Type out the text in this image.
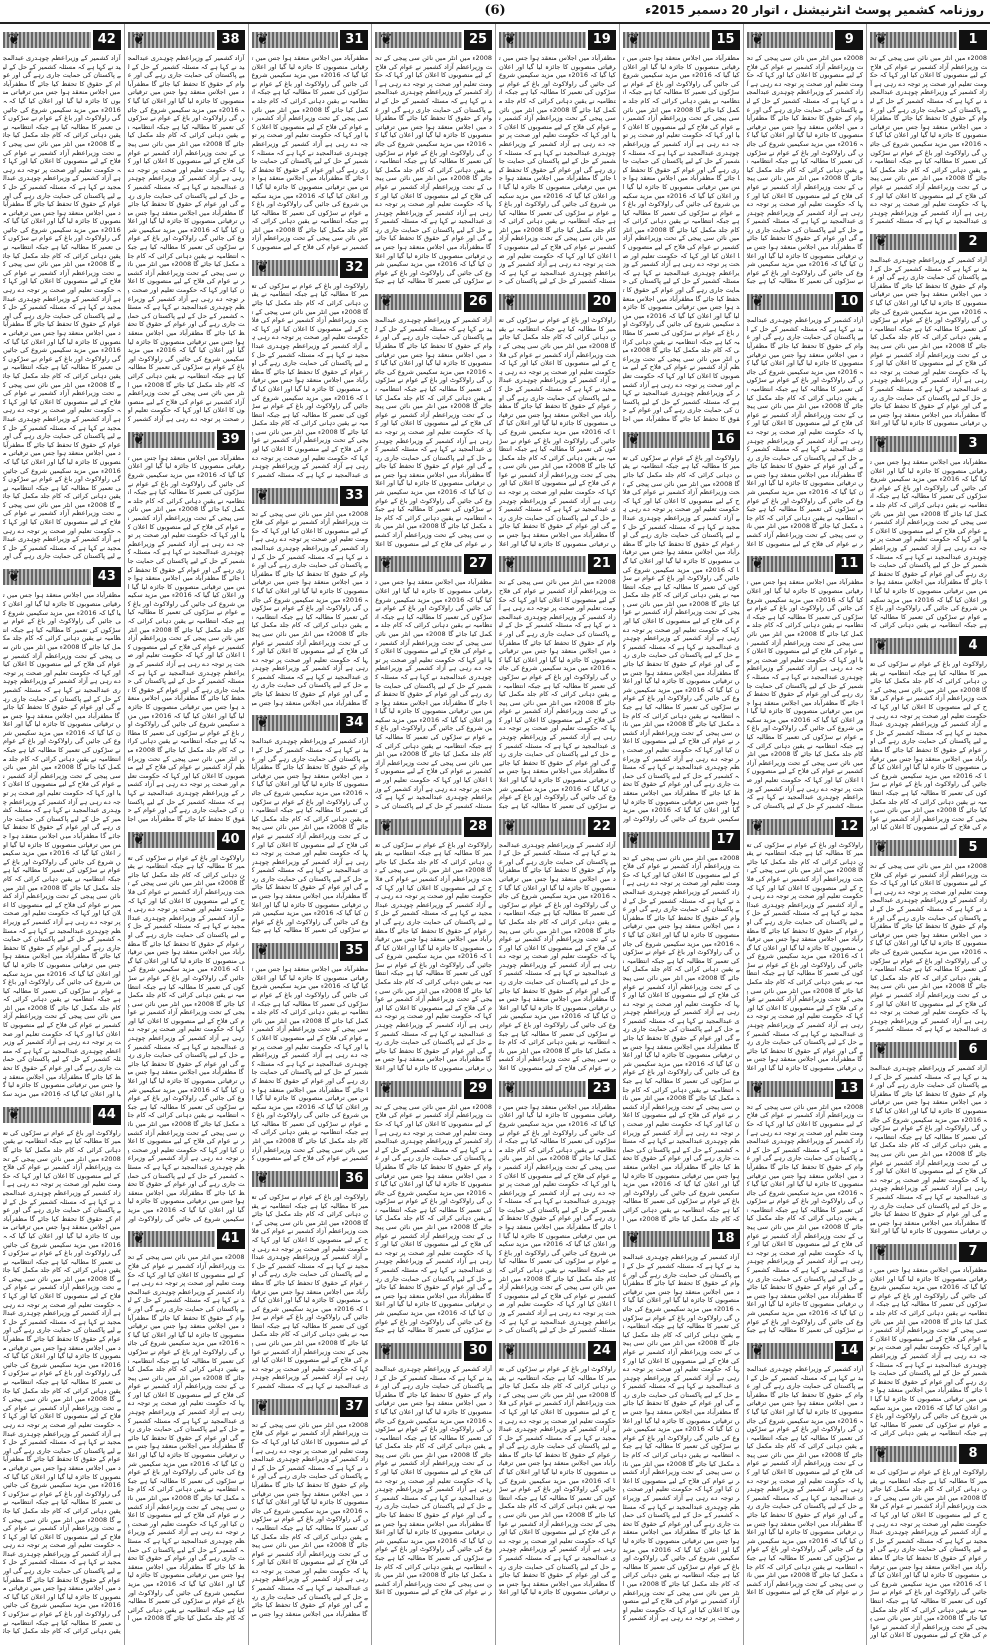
(6)	روزنامہ کشمیر پوسٹ انٹرنیشنل ، اتوار 20 دسمبر 2015ء
1
❦
2008ء میں انٹر میں نائن سی پیجی کے تحت وزیراعظم آزاد کشمیر نے عوام کی فلاح کے لیے منصوبوں کا اعلان کیا اور کہا کہ حکومت تعلیم اور صحت پر توجہ دے رہی ہے آزاد کشمیر کے وزیراعظم چوہدری عبدالمجید نے کہا ہے کہ مسئلہ کشمیر کے حل کے لیے پاکستان کی حمایت جاری رہے گی اور عوام کے حقوق کا تحفظ کیا جائے گا مظفرآباد میں اجلاس منعقد ہوا جس میں ترقیاتی منصوبوں کا جائزہ لیا گیا اور اعلان کیا گیا کہ 2016ء میں مزید سکیمیں شروع کی جائیں گی راولاکوٹ اور باغ کے عوام نے سڑکوں کی تعمیر کا مطالبہ کیا ہے جبکہ انتظامیہ نے یقین دہانی کرائی کہ کام جلد مکمل کیا جائے گا 2008ء میں انٹر میں نائن سی پیجی کے تحت وزیراعظم آزاد کشمیر نے عوام کی فلاح کے لیے منصوبوں کا اعلان کیا اور کہا کہ حکومت تعلیم اور صحت پر توجہ دے رہی ہے آزاد کشمیر کے وزیراعظم چوہدری عبدالمجید نے کہا ہے کہ مسئلہ کشمیر ک
2
❦
آزاد کشمیر کے وزیراعظم چوہدری عبدالمجید نے کہا ہے کہ مسئلہ کشمیر کے حل کے لیے پاکستان کی حمایت جاری رہے گی اور عوام کے حقوق کا تحفظ کیا جائے گا مظفرآباد میں اجلاس منعقد ہوا جس میں ترقیاتی منصوبوں کا جائزہ لیا گیا اور اعلان کیا گیا کہ 2016ء میں مزید سکیمیں شروع کی جائیں گی راولاکوٹ اور باغ کے عوام نے سڑکوں کی تعمیر کا مطالبہ کیا ہے جبکہ انتظامیہ نے یقین دہانی کرائی کہ کام جلد مکمل کیا جائے گا 2008ء میں انٹر میں نائن سی پیجی کے تحت وزیراعظم آزاد کشمیر نے عوام کی فلاح کے لیے منصوبوں کا اعلان کیا اور کہا کہ حکومت تعلیم اور صحت پر توجہ دے رہی ہے آزاد کشمیر کے وزیراعظم چوہدری عبدالمجید نے کہا ہے کہ مسئلہ کشمیر کے حل کے لیے پاکستان کی حمایت جاری رہے گی اور عوام کے حقوق کا تحفظ کیا جائے گا مظفرآباد میں اجلاس منعقد ہوا جس میں ترقیاتی منصوبوں کا جائزہ لیا گیا اور اعلا
3
❦
مظفرآباد میں اجلاس منعقد ہوا جس میں ترقیاتی منصوبوں کا جائزہ لیا گیا اور اعلان کیا گیا کہ 2016ء میں مزید سکیمیں شروع کی جائیں گی راولاکوٹ اور باغ کے عوام نے سڑکوں کی تعمیر کا مطالبہ کیا ہے جبکہ انتظامیہ نے یقین دہانی کرائی کہ کام جلد مکمل کیا جائے گا 2008ء میں انٹر میں نائن سی پیجی کے تحت وزیراعظم آزاد کشمیر نے عوام کی فلاح کے لیے منصوبوں کا اعلان کیا اور کہا کہ حکومت تعلیم اور صحت پر توجہ دے رہی ہے آزاد کشمیر کے وزیراعظم چوہدری عبدالمجید نے کہا ہے کہ مسئلہ کشمیر کے حل کے لیے پاکستان کی حمایت جاری رہے گی اور عوام کے حقوق کا تحفظ کیا جائے گا مظفرآباد میں اجلاس منعقد ہوا جس میں ترقیاتی منصوبوں کا جائزہ لیا گیا اور اعلان کیا گیا کہ 2016ء میں مزید سکیمیں شروع کی جائیں گی راولاکوٹ اور باغ کے عوام نے سڑکوں کی تعمیر کا مطالبہ کیا ہے جبکہ انتظامیہ نے یقین دہانی کرائی کہ
4
❦
راولاکوٹ اور باغ کے عوام نے سڑکوں کی تعمیر کا مطالبہ کیا ہے جبکہ انتظامیہ نے یقین دہانی کرائی کہ کام جلد مکمل کیا جائے گا 2008ء میں انٹر میں نائن سی پیجی کے تحت وزیراعظم آزاد کشمیر نے عوام کی فلاح کے لیے منصوبوں کا اعلان کیا اور کہا کہ حکومت تعلیم اور صحت پر توجہ دے رہی ہے آزاد کشمیر کے وزیراعظم چوہدری عبدالمجید نے کہا ہے کہ مسئلہ کشمیر کے حل کے لیے پاکستان کی حمایت جاری رہے گی اور عوام کے حقوق کا تحفظ کیا جائے گا مظفرآباد میں اجلاس منعقد ہوا جس میں ترقیاتی منصوبوں کا جائزہ لیا گیا اور اعلان کیا گیا کہ 2016ء میں مزید سکیمیں شروع کی جائیں گی راولاکوٹ اور باغ کے عوام نے سڑکوں کی تعمیر کا مطالبہ کیا ہے جبکہ انتظامیہ نے یقین دہانی کرائی کہ کام جلد مکمل کیا جائے گا 2008ء میں انٹر میں نائن سی پیجی کے تحت وزیراعظم آزاد کشمیر نے عوام کی فلاح کے لیے منصوبوں کا اعلان کیا اور
5
❦
2008ء میں انٹر میں نائن سی پیجی کے تحت وزیراعظم آزاد کشمیر نے عوام کی فلاح کے لیے منصوبوں کا اعلان کیا اور کہا کہ حکومت تعلیم اور صحت پر توجہ دے رہی ہے آزاد کشمیر کے وزیراعظم چوہدری عبدالمجید نے کہا ہے کہ مسئلہ کشمیر کے حل کے لیے پاکستان کی حمایت جاری رہے گی اور عوام کے حقوق کا تحفظ کیا جائے گا مظفرآباد میں اجلاس منعقد ہوا جس میں ترقیاتی منصوبوں کا جائزہ لیا گیا اور اعلان کیا گیا کہ 2016ء میں مزید سکیمیں شروع کی جائیں گی راولاکوٹ اور باغ کے عوام نے سڑکوں کی تعمیر کا مطالبہ کیا ہے جبکہ انتظامیہ نے یقین دہانی کرائی کہ کام جلد مکمل کیا جائے گا 2008ء میں انٹر میں نائن سی پیجی کے تحت وزیراعظم آزاد کشمیر نے عوام کی فلاح کے لیے منصوبوں کا اعلان کیا اور کہا کہ حکومت تعلیم اور صحت پر توجہ دے رہی ہے آزاد کشمیر کے وزیراعظم چوہدری عبدالمجید نے کہا ہے کہ مسئلہ کشمیر ک
6
❦
آزاد کشمیر کے وزیراعظم چوہدری عبدالمجید نے کہا ہے کہ مسئلہ کشمیر کے حل کے لیے پاکستان کی حمایت جاری رہے گی اور عوام کے حقوق کا تحفظ کیا جائے گا مظفرآباد میں اجلاس منعقد ہوا جس میں ترقیاتی منصوبوں کا جائزہ لیا گیا اور اعلان کیا گیا کہ 2016ء میں مزید سکیمیں شروع کی جائیں گی راولاکوٹ اور باغ کے عوام نے سڑکوں کی تعمیر کا مطالبہ کیا ہے جبکہ انتظامیہ نے یقین دہانی کرائی کہ کام جلد مکمل کیا جائے گا 2008ء میں انٹر میں نائن سی پیجی کے تحت وزیراعظم آزاد کشمیر نے عوام کی فلاح کے لیے منصوبوں کا اعلان کیا اور کہا کہ حکومت تعلیم اور صحت پر توجہ دے رہی ہے آزاد کشمیر کے وزیراعظم چوہدری عبدالمجید نے کہا ہے کہ مسئلہ کشمیر کے حل کے لیے پاکستان کی حمایت جاری رہے گی اور عوام کے حقوق کا تحفظ کیا جائے گا مظفرآباد میں اجلاس منعقد ہوا جس میں ترقیاتی منصوبوں کا جائزہ لیا گیا اور اعلا
7
❦
مظفرآباد میں اجلاس منعقد ہوا جس میں ترقیاتی منصوبوں کا جائزہ لیا گیا اور اعلان کیا گیا کہ 2016ء میں مزید سکیمیں شروع کی جائیں گی راولاکوٹ اور باغ کے عوام نے سڑکوں کی تعمیر کا مطالبہ کیا ہے جبکہ انتظامیہ نے یقین دہانی کرائی کہ کام جلد مکمل کیا جائے گا 2008ء میں انٹر میں نائن سی پیجی کے تحت وزیراعظم آزاد کشمیر نے عوام کی فلاح کے لیے منصوبوں کا اعلان کیا اور کہا کہ حکومت تعلیم اور صحت پر توجہ دے رہی ہے آزاد کشمیر کے وزیراعظم چوہدری عبدالمجید نے کہا ہے کہ مسئلہ کشمیر کے حل کے لیے پاکستان کی حمایت جاری رہے گی اور عوام کے حقوق کا تحفظ کیا جائے گا مظفرآباد میں اجلاس منعقد ہوا جس میں ترقیاتی منصوبوں کا جائزہ لیا گیا اور اعلان کیا گیا کہ 2016ء میں مزید سکیمیں شروع کی جائیں گی راولاکوٹ اور باغ کے عوام نے سڑکوں کی تعمیر کا مطالبہ کیا ہے جبکہ انتظامیہ نے یقین دہانی کرائی کہ
8
❦
راولاکوٹ اور باغ کے عوام نے سڑکوں کی تعمیر کا مطالبہ کیا ہے جبکہ انتظامیہ نے یقین دہانی کرائی کہ کام جلد مکمل کیا جائے گا 2008ء میں انٹر میں نائن سی پیجی کے تحت وزیراعظم آزاد کشمیر نے عوام کی فلاح کے لیے منصوبوں کا اعلان کیا اور کہا کہ حکومت تعلیم اور صحت پر توجہ دے رہی ہے آزاد کشمیر کے وزیراعظم چوہدری عبدالمجید نے کہا ہے کہ مسئلہ کشمیر کے حل کے لیے پاکستان کی حمایت جاری رہے گی اور عوام کے حقوق کا تحفظ کیا جائے گا مظفرآباد میں اجلاس منعقد ہوا جس میں ترقیاتی منصوبوں کا جائزہ لیا گیا اور اعلان کیا گیا کہ 2016ء میں مزید سکیمیں شروع کی جائیں گی راولاکوٹ اور باغ کے عوام نے سڑکوں کی تعمیر کا مطالبہ کیا ہے جبکہ انتظامیہ نے یقین دہانی کرائی کہ کام جلد مکمل کیا جائے گا 2008ء میں انٹر میں نائن سی پیجی کے تحت وزیراعظم آزاد کشمیر نے عوام کی فلاح کے لیے منصوبوں کا اعلان کیا اور
9
❦
2008ء میں انٹر میں نائن سی پیجی کے تحت وزیراعظم آزاد کشمیر نے عوام کی فلاح کے لیے منصوبوں کا اعلان کیا اور کہا کہ حکومت تعلیم اور صحت پر توجہ دے رہی ہے آزاد کشمیر کے وزیراعظم چوہدری عبدالمجید نے کہا ہے کہ مسئلہ کشمیر کے حل کے لیے پاکستان کی حمایت جاری رہے گی اور عوام کے حقوق کا تحفظ کیا جائے گا مظفرآباد میں اجلاس منعقد ہوا جس میں ترقیاتی منصوبوں کا جائزہ لیا گیا اور اعلان کیا گیا کہ 2016ء میں مزید سکیمیں شروع کی جائیں گی راولاکوٹ اور باغ کے عوام نے سڑکوں کی تعمیر کا مطالبہ کیا ہے جبکہ انتظامیہ نے یقین دہانی کرائی کہ کام جلد مکمل کیا جائے گا 2008ء میں انٹر میں نائن سی پیجی کے تحت وزیراعظم آزاد کشمیر نے عوام کی فلاح کے لیے منصوبوں کا اعلان کیا اور کہا کہ حکومت تعلیم اور صحت پر توجہ دے رہی ہے آزاد کشمیر کے وزیراعظم چوہدری عبدالمجید نے کہا ہے کہ مسئلہ کشمیر کے حل کے لیے پاکستان کی حمایت جاری رہے گی اور عوام کے حقوق کا تحفظ کیا جائے گا مظفرآباد میں اجلاس منعقد ہوا جس میں ترقیاتی منصوبوں کا جائزہ لیا گیا اور اعلان کیا گیا کہ 2016ء میں مزید سکیمیں شروع کی جائیں گی راولاکوٹ اور باغ کے عوام نے سڑکوں کی تعمیر کا مطالبہ کیا ہے جبک
10
❦
آزاد کشمیر کے وزیراعظم چوہدری عبدالمجید نے کہا ہے کہ مسئلہ کشمیر کے حل کے لیے پاکستان کی حمایت جاری رہے گی اور عوام کے حقوق کا تحفظ کیا جائے گا مظفرآباد میں اجلاس منعقد ہوا جس میں ترقیاتی منصوبوں کا جائزہ لیا گیا اور اعلان کیا گیا کہ 2016ء میں مزید سکیمیں شروع کی جائیں گی راولاکوٹ اور باغ کے عوام نے سڑکوں کی تعمیر کا مطالبہ کیا ہے جبکہ انتظامیہ نے یقین دہانی کرائی کہ کام جلد مکمل کیا جائے گا 2008ء میں انٹر میں نائن سی پیجی کے تحت وزیراعظم آزاد کشمیر نے عوام کی فلاح کے لیے منصوبوں کا اعلان کیا اور کہا کہ حکومت تعلیم اور صحت پر توجہ دے رہی ہے آزاد کشمیر کے وزیراعظم چوہدری عبدالمجید نے کہا ہے کہ مسئلہ کشمیر کے حل کے لیے پاکستان کی حمایت جاری رہے گی اور عوام کے حقوق کا تحفظ کیا جائے گا مظفرآباد میں اجلاس منعقد ہوا جس میں ترقیاتی منصوبوں کا جائزہ لیا گیا اور اعلان کیا گیا کہ 2016ء میں مزید سکیمیں شروع کی جائیں گی راولاکوٹ اور باغ کے عوام نے سڑکوں کی تعمیر کا مطالبہ کیا ہے جبکہ انتظامیہ نے یقین دہانی کرائی کہ کام جلد مکمل کیا جائے گا 2008ء میں انٹر میں نائن سی پیجی کے تحت وزیراعظم آزاد کشمیر نے عوام کی فلاح کے لیے منصوبوں کا اعلا
11
❦
مظفرآباد میں اجلاس منعقد ہوا جس میں ترقیاتی منصوبوں کا جائزہ لیا گیا اور اعلان کیا گیا کہ 2016ء میں مزید سکیمیں شروع کی جائیں گی راولاکوٹ اور باغ کے عوام نے سڑکوں کی تعمیر کا مطالبہ کیا ہے جبکہ انتظامیہ نے یقین دہانی کرائی کہ کام جلد مکمل کیا جائے گا 2008ء میں انٹر میں نائن سی پیجی کے تحت وزیراعظم آزاد کشمیر نے عوام کی فلاح کے لیے منصوبوں کا اعلان کیا اور کہا کہ حکومت تعلیم اور صحت پر توجہ دے رہی ہے آزاد کشمیر کے وزیراعظم چوہدری عبدالمجید نے کہا ہے کہ مسئلہ کشمیر کے حل کے لیے پاکستان کی حمایت جاری رہے گی اور عوام کے حقوق کا تحفظ کیا جائے گا مظفرآباد میں اجلاس منعقد ہوا جس میں ترقیاتی منصوبوں کا جائزہ لیا گیا اور اعلان کیا گیا کہ 2016ء میں مزید سکیمیں شروع کی جائیں گی راولاکوٹ اور باغ کے عوام نے سڑکوں کی تعمیر کا مطالبہ کیا ہے جبکہ انتظامیہ نے یقین دہانی کرائی کہ کام جلد مکمل کیا جائے گا 2008ء میں انٹر میں نائن سی پیجی کے تحت وزیراعظم آزاد کشمیر نے عوام کی فلاح کے لیے منصوبوں کا اعلان کیا اور کہا کہ حکومت تعلیم اور صحت پر توجہ دے رہی ہے آزاد کشمیر کے وزیراعظم چوہدری عبدالمجید نے کہا ہے کہ مسئلہ کشمیر کے حل کے لیے پاکستان کی ح
12
❦
راولاکوٹ اور باغ کے عوام نے سڑکوں کی تعمیر کا مطالبہ کیا ہے جبکہ انتظامیہ نے یقین دہانی کرائی کہ کام جلد مکمل کیا جائے گا 2008ء میں انٹر میں نائن سی پیجی کے تحت وزیراعظم آزاد کشمیر نے عوام کی فلاح کے لیے منصوبوں کا اعلان کیا اور کہا کہ حکومت تعلیم اور صحت پر توجہ دے رہی ہے آزاد کشمیر کے وزیراعظم چوہدری عبدالمجید نے کہا ہے کہ مسئلہ کشمیر کے حل کے لیے پاکستان کی حمایت جاری رہے گی اور عوام کے حقوق کا تحفظ کیا جائے گا مظفرآباد میں اجلاس منعقد ہوا جس میں ترقیاتی منصوبوں کا جائزہ لیا گیا اور اعلان کیا گیا کہ 2016ء میں مزید سکیمیں شروع کی جائیں گی راولاکوٹ اور باغ کے عوام نے سڑکوں کی تعمیر کا مطالبہ کیا ہے جبکہ انتظامیہ نے یقین دہانی کرائی کہ کام جلد مکمل کیا جائے گا 2008ء میں انٹر میں نائن سی پیجی کے تحت وزیراعظم آزاد کشمیر نے عوام کی فلاح کے لیے منصوبوں کا اعلان کیا اور کہا کہ حکومت تعلیم اور صحت پر توجہ دے رہی ہے آزاد کشمیر کے وزیراعظم چوہدری عبدالمجید نے کہا ہے کہ مسئلہ کشمیر کے حل کے لیے پاکستان کی حمایت جاری رہے گی اور عوام کے حقوق کا تحفظ کیا جائے گا مظفرآباد میں اجلاس منعقد ہوا جس میں ترقیاتی منصوبوں کا جائزہ لیا گیا اور اعلا
13
❦
2008ء میں انٹر میں نائن سی پیجی کے تحت وزیراعظم آزاد کشمیر نے عوام کی فلاح کے لیے منصوبوں کا اعلان کیا اور کہا کہ حکومت تعلیم اور صحت پر توجہ دے رہی ہے آزاد کشمیر کے وزیراعظم چوہدری عبدالمجید نے کہا ہے کہ مسئلہ کشمیر کے حل کے لیے پاکستان کی حمایت جاری رہے گی اور عوام کے حقوق کا تحفظ کیا جائے گا مظفرآباد میں اجلاس منعقد ہوا جس میں ترقیاتی منصوبوں کا جائزہ لیا گیا اور اعلان کیا گیا کہ 2016ء میں مزید سکیمیں شروع کی جائیں گی راولاکوٹ اور باغ کے عوام نے سڑکوں کی تعمیر کا مطالبہ کیا ہے جبکہ انتظامیہ نے یقین دہانی کرائی کہ کام جلد مکمل کیا جائے گا 2008ء میں انٹر میں نائن سی پیجی کے تحت وزیراعظم آزاد کشمیر نے عوام کی فلاح کے لیے منصوبوں کا اعلان کیا اور کہا کہ حکومت تعلیم اور صحت پر توجہ دے رہی ہے آزاد کشمیر کے وزیراعظم چوہدری عبدالمجید نے کہا ہے کہ مسئلہ کشمیر کے حل کے لیے پاکستان کی حمایت جاری رہے گی اور عوام کے حقوق کا تحفظ کیا جائے گا مظفرآباد میں اجلاس منعقد ہوا جس میں ترقیاتی منصوبوں کا جائزہ لیا گیا اور اعلان کیا گیا کہ 2016ء میں مزید سکیمیں شروع کی جائیں گی راولاکوٹ اور باغ کے عوام نے سڑکوں کی تعمیر کا مطالبہ کیا ہے جبک
14
❦
آزاد کشمیر کے وزیراعظم چوہدری عبدالمجید نے کہا ہے کہ مسئلہ کشمیر کے حل کے لیے پاکستان کی حمایت جاری رہے گی اور عوام کے حقوق کا تحفظ کیا جائے گا مظفرآباد میں اجلاس منعقد ہوا جس میں ترقیاتی منصوبوں کا جائزہ لیا گیا اور اعلان کیا گیا کہ 2016ء میں مزید سکیمیں شروع کی جائیں گی راولاکوٹ اور باغ کے عوام نے سڑکوں کی تعمیر کا مطالبہ کیا ہے جبکہ انتظامیہ نے یقین دہانی کرائی کہ کام جلد مکمل کیا جائے گا 2008ء میں انٹر میں نائن سی پیجی کے تحت وزیراعظم آزاد کشمیر نے عوام کی فلاح کے لیے منصوبوں کا اعلان کیا اور کہا کہ حکومت تعلیم اور صحت پر توجہ دے رہی ہے آزاد کشمیر کے وزیراعظم چوہدری عبدالمجید نے کہا ہے کہ مسئلہ کشمیر کے حل کے لیے پاکستان کی حمایت جاری رہے گی اور عوام کے حقوق کا تحفظ کیا جائے گا مظفرآباد میں اجلاس منعقد ہوا جس میں ترقیاتی منصوبوں کا جائزہ لیا گیا اور اعلان کیا گیا کہ 2016ء میں مزید سکیمیں شروع کی جائیں گی راولاکوٹ اور باغ کے عوام نے سڑکوں کی تعمیر کا مطالبہ کیا ہے جبکہ انتظامیہ نے یقین دہانی کرائی کہ کام جلد مکمل کیا جائے گا 2008ء میں انٹر میں نائن سی پیجی کے تحت وزیراعظم آزاد کشمیر نے عوام کی فلاح کے لیے منصوبوں کا اعلا
15
❦
مظفرآباد میں اجلاس منعقد ہوا جس میں ترقیاتی منصوبوں کا جائزہ لیا گیا اور اعلان کیا گیا کہ 2016ء میں مزید سکیمیں شروع کی جائیں گی راولاکوٹ اور باغ کے عوام نے سڑکوں کی تعمیر کا مطالبہ کیا ہے جبکہ انتظامیہ نے یقین دہانی کرائی کہ کام جلد مکمل کیا جائے گا 2008ء میں انٹر میں نائن سی پیجی کے تحت وزیراعظم آزاد کشمیر نے عوام کی فلاح کے لیے منصوبوں کا اعلان کیا اور کہا کہ حکومت تعلیم اور صحت پر توجہ دے رہی ہے آزاد کشمیر کے وزیراعظم چوہدری عبدالمجید نے کہا ہے کہ مسئلہ کشمیر کے حل کے لیے پاکستان کی حمایت جاری رہے گی اور عوام کے حقوق کا تحفظ کیا جائے گا مظفرآباد میں اجلاس منعقد ہوا جس میں ترقیاتی منصوبوں کا جائزہ لیا گیا اور اعلان کیا گیا کہ 2016ء میں مزید سکیمیں شروع کی جائیں گی راولاکوٹ اور باغ کے عوام نے سڑکوں کی تعمیر کا مطالبہ کیا ہے جبکہ انتظامیہ نے یقین دہانی کرائی کہ کام جلد مکمل کیا جائے گا 2008ء میں انٹر میں نائن سی پیجی کے تحت وزیراعظم آزاد کشمیر نے عوام کی فلاح کے لیے منصوبوں کا اعلان کیا اور کہا کہ حکومت تعلیم اور صحت پر توجہ دے رہی ہے آزاد کشمیر کے وزیراعظم چوہدری عبدالمجید نے کہا ہے کہ مسئلہ کشمیر کے حل کے لیے پاکستان کی حمایت جاری رہے گی اور عوام کے حقوق کا تحفظ کیا جائے گا مظفرآباد میں اجلاس منعقد ہوا جس میں ترقیاتی منصوبوں کا جائزہ لیا گیا اور اعلان کیا گیا کہ 2016ء میں مزید سکیمیں شروع کی جائیں گی راولاکوٹ اور باغ کے عوام نے سڑکوں کی تعمیر کا مطالبہ کیا ہے جبکہ انتظامیہ نے یقین دہانی کرائی کہ کام جلد مکمل کیا جائے گا 2008ء میں انٹر میں نائن سی پیجی کے تحت وزیراعظم آزاد کشمیر نے عوام کی فلاح کے لیے منصوبوں کا اعلان کیا اور کہا کہ حکومت تعلیم اور صحت پر توجہ دے رہی ہے آزاد کشمیر کے وزیراعظم چوہدری عبدالمجید نے کہا ہے کہ مسئلہ کشمیر کے حل کے لیے پاکستان کی حمایت جاری رہے گی اور عوام کے حقوق کا تحفظ کیا جائے گا مظفرآباد میں اجل
16
❦
راولاکوٹ اور باغ کے عوام نے سڑکوں کی تعمیر کا مطالبہ کیا ہے جبکہ انتظامیہ نے یقین دہانی کرائی کہ کام جلد مکمل کیا جائے گا 2008ء میں انٹر میں نائن سی پیجی کے تحت وزیراعظم آزاد کشمیر نے عوام کی فلاح کے لیے منصوبوں کا اعلان کیا اور کہا کہ حکومت تعلیم اور صحت پر توجہ دے رہی ہے آزاد کشمیر کے وزیراعظم چوہدری عبدالمجید نے کہا ہے کہ مسئلہ کشمیر کے حل کے لیے پاکستان کی حمایت جاری رہے گی اور عوام کے حقوق کا تحفظ کیا جائے گا مظفرآباد میں اجلاس منعقد ہوا جس میں ترقیاتی منصوبوں کا جائزہ لیا گیا اور اعلان کیا گیا کہ 2016ء میں مزید سکیمیں شروع کی جائیں گی راولاکوٹ اور باغ کے عوام نے سڑکوں کی تعمیر کا مطالبہ کیا ہے جبکہ انتظامیہ نے یقین دہانی کرائی کہ کام جلد مکمل کیا جائے گا 2008ء میں انٹر میں نائن سی پیجی کے تحت وزیراعظم آزاد کشمیر نے عوام کی فلاح کے لیے منصوبوں کا اعلان کیا اور کہا کہ حکومت تعلیم اور صحت پر توجہ دے رہی ہے آزاد کشمیر کے وزیراعظم چوہدری عبدالمجید نے کہا ہے کہ مسئلہ کشمیر کے حل کے لیے پاکستان کی حمایت جاری رہے گی اور عوام کے حقوق کا تحفظ کیا جائے گا مظفرآباد میں اجلاس منعقد ہوا جس میں ترقیاتی منصوبوں کا جائزہ لیا گیا اور اعلان کیا گیا کہ 2016ء میں مزید سکیمیں شروع کی جائیں گی راولاکوٹ اور باغ کے عوام نے سڑکوں کی تعمیر کا مطالبہ کیا ہے جبکہ انتظامیہ نے یقین دہانی کرائی کہ کام جلد مکمل کیا جائے گا 2008ء میں انٹر میں نائن سی پیجی کے تحت وزیراعظم آزاد کشمیر نے عوام کی فلاح کے لیے منصوبوں کا اعلان کیا اور کہا کہ حکومت تعلیم اور صحت پر توجہ دے رہی ہے آزاد کشمیر کے وزیراعظم چوہدری عبدالمجید نے کہا ہے کہ مسئلہ کشمیر کے حل کے لیے پاکستان کی حمایت جاری رہے گی اور عوام کے حقوق کا تحفظ کیا جائے گا مظفرآباد میں اجلاس منعقد ہوا جس میں ترقیاتی منصوبوں کا جائزہ لیا گیا اور اعلان کیا گیا کہ 2016ء میں مزید سکیمیں شروع کی جائیں گی راولاکوٹ اور
17
❦
2008ء میں انٹر میں نائن سی پیجی کے تحت وزیراعظم آزاد کشمیر نے عوام کی فلاح کے لیے منصوبوں کا اعلان کیا اور کہا کہ حکومت تعلیم اور صحت پر توجہ دے رہی ہے آزاد کشمیر کے وزیراعظم چوہدری عبدالمجید نے کہا ہے کہ مسئلہ کشمیر کے حل کے لیے پاکستان کی حمایت جاری رہے گی اور عوام کے حقوق کا تحفظ کیا جائے گا مظفرآباد میں اجلاس منعقد ہوا جس میں ترقیاتی منصوبوں کا جائزہ لیا گیا اور اعلان کیا گیا کہ 2016ء میں مزید سکیمیں شروع کی جائیں گی راولاکوٹ اور باغ کے عوام نے سڑکوں کی تعمیر کا مطالبہ کیا ہے جبکہ انتظامیہ نے یقین دہانی کرائی کہ کام جلد مکمل کیا جائے گا 2008ء میں انٹر میں نائن سی پیجی کے تحت وزیراعظم آزاد کشمیر نے عوام کی فلاح کے لیے منصوبوں کا اعلان کیا اور کہا کہ حکومت تعلیم اور صحت پر توجہ دے رہی ہے آزاد کشمیر کے وزیراعظم چوہدری عبدالمجید نے کہا ہے کہ مسئلہ کشمیر کے حل کے لیے پاکستان کی حمایت جاری رہے گی اور عوام کے حقوق کا تحفظ کیا جائے گا مظفرآباد میں اجلاس منعقد ہوا جس میں ترقیاتی منصوبوں کا جائزہ لیا گیا اور اعلان کیا گیا کہ 2016ء میں مزید سکیمیں شروع کی جائیں گی راولاکوٹ اور باغ کے عوام نے سڑکوں کی تعمیر کا مطالبہ کیا ہے جبکہ انتظامیہ نے یقین دہانی کرائی کہ کام جلد مکمل کیا جائے گا 2008ء میں انٹر میں نائن سی پیجی کے تحت وزیراعظم آزاد کشمیر نے عوام کی فلاح کے لیے منصوبوں کا اعلان کیا اور کہا کہ حکومت تعلیم اور صحت پر توجہ دے رہی ہے آزاد کشمیر کے وزیراعظم چوہدری عبدالمجید نے کہا ہے کہ مسئلہ کشمیر کے حل کے لیے پاکستان کی حمایت جاری رہے گی اور عوام کے حقوق کا تحفظ کیا جائے گا مظفرآباد میں اجلاس منعقد ہوا جس میں ترقیاتی منصوبوں کا جائزہ لیا گیا اور اعلان کیا گیا کہ 2016ء میں مزید سکیمیں شروع کی جائیں گی راولاکوٹ اور باغ کے عوام نے سڑکوں کی تعمیر کا مطالبہ کیا ہے جبکہ انتظامیہ نے یقین دہانی کرائی کہ کام جلد مکمل کیا جائے گا 2008ء میں ا
18
❦
آزاد کشمیر کے وزیراعظم چوہدری عبدالمجید نے کہا ہے کہ مسئلہ کشمیر کے حل کے لیے پاکستان کی حمایت جاری رہے گی اور عوام کے حقوق کا تحفظ کیا جائے گا مظفرآباد میں اجلاس منعقد ہوا جس میں ترقیاتی منصوبوں کا جائزہ لیا گیا اور اعلان کیا گیا کہ 2016ء میں مزید سکیمیں شروع کی جائیں گی راولاکوٹ اور باغ کے عوام نے سڑکوں کی تعمیر کا مطالبہ کیا ہے جبکہ انتظامیہ نے یقین دہانی کرائی کہ کام جلد مکمل کیا جائے گا 2008ء میں انٹر میں نائن سی پیجی کے تحت وزیراعظم آزاد کشمیر نے عوام کی فلاح کے لیے منصوبوں کا اعلان کیا اور کہا کہ حکومت تعلیم اور صحت پر توجہ دے رہی ہے آزاد کشمیر کے وزیراعظم چوہدری عبدالمجید نے کہا ہے کہ مسئلہ کشمیر کے حل کے لیے پاکستان کی حمایت جاری رہے گی اور عوام کے حقوق کا تحفظ کیا جائے گا مظفرآباد میں اجلاس منعقد ہوا جس میں ترقیاتی منصوبوں کا جائزہ لیا گیا اور اعلان کیا گیا کہ 2016ء میں مزید سکیمیں شروع کی جائیں گی راولاکوٹ اور باغ کے عوام نے سڑکوں کی تعمیر کا مطالبہ کیا ہے جبکہ انتظامیہ نے یقین دہانی کرائی کہ کام جلد مکمل کیا جائے گا 2008ء میں انٹر میں نائن سی پیجی کے تحت وزیراعظم آزاد کشمیر نے عوام کی فلاح کے لیے منصوبوں کا اعلان کیا اور کہا کہ حکومت تعلیم اور صحت پر توجہ دے رہی ہے آزاد کشمیر کے وزیراعظم چوہدری عبدالمجید نے کہا ہے کہ مسئلہ کشمیر کے حل کے لیے پاکستان کی حمایت جاری رہے گی اور عوام کے حقوق کا تحفظ کیا جائے گا مظفرآباد میں اجلاس منعقد ہوا جس میں ترقیاتی منصوبوں کا جائزہ لیا گیا اور اعلان کیا گیا کہ 2016ء میں مزید سکیمیں شروع کی جائیں گی راولاکوٹ اور باغ کے عوام نے سڑکوں کی تعمیر کا مطالبہ کیا ہے جبکہ انتظامیہ نے یقین دہانی کرائی کہ کام جلد مکمل کیا جائے گا 2008ء میں انٹر میں نائن سی پیجی کے تحت وزیراعظم آزاد کشمیر نے عوام کی فلاح کے لیے منصوبوں کا اعلان کیا اور کہا کہ حکومت تعلیم اور صحت پر توجہ دے رہی ہے آزاد کشمیر ک
19
❦
مظفرآباد میں اجلاس منعقد ہوا جس میں ترقیاتی منصوبوں کا جائزہ لیا گیا اور اعلان کیا گیا کہ 2016ء میں مزید سکیمیں شروع کی جائیں گی راولاکوٹ اور باغ کے عوام نے سڑکوں کی تعمیر کا مطالبہ کیا ہے جبکہ انتظامیہ نے یقین دہانی کرائی کہ کام جلد مکمل کیا جائے گا 2008ء میں انٹر میں نائن سی پیجی کے تحت وزیراعظم آزاد کشمیر نے عوام کی فلاح کے لیے منصوبوں کا اعلان کیا اور کہا کہ حکومت تعلیم اور صحت پر توجہ دے رہی ہے آزاد کشمیر کے وزیراعظم چوہدری عبدالمجید نے کہا ہے کہ مسئلہ کشمیر کے حل کے لیے پاکستان کی حمایت جاری رہے گی اور عوام کے حقوق کا تحفظ کیا جائے گا مظفرآباد میں اجلاس منعقد ہوا جس میں ترقیاتی منصوبوں کا جائزہ لیا گیا اور اعلان کیا گیا کہ 2016ء میں مزید سکیمیں شروع کی جائیں گی راولاکوٹ اور باغ کے عوام نے سڑکوں کی تعمیر کا مطالبہ کیا ہے جبکہ انتظامیہ نے یقین دہانی کرائی کہ کام جلد مکمل کیا جائے گا 2008ء میں انٹر میں نائن سی پیجی کے تحت وزیراعظم آزاد کشمیر نے عوام کی فلاح کے لیے منصوبوں کا اعلان کیا اور کہا کہ حکومت تعلیم اور صحت پر توجہ دے رہی ہے آزاد کشمیر کے وزیراعظم چوہدری عبدالمجید نے کہا ہے کہ مسئلہ کشمیر کے حل کے لیے پاکستان کی ح
20
❦
راولاکوٹ اور باغ کے عوام نے سڑکوں کی تعمیر کا مطالبہ کیا ہے جبکہ انتظامیہ نے یقین دہانی کرائی کہ کام جلد مکمل کیا جائے گا 2008ء میں انٹر میں نائن سی پیجی کے تحت وزیراعظم آزاد کشمیر نے عوام کی فلاح کے لیے منصوبوں کا اعلان کیا اور کہا کہ حکومت تعلیم اور صحت پر توجہ دے رہی ہے آزاد کشمیر کے وزیراعظم چوہدری عبدالمجید نے کہا ہے کہ مسئلہ کشمیر کے حل کے لیے پاکستان کی حمایت جاری رہے گی اور عوام کے حقوق کا تحفظ کیا جائے گا مظفرآباد میں اجلاس منعقد ہوا جس میں ترقیاتی منصوبوں کا جائزہ لیا گیا اور اعلان کیا گیا کہ 2016ء میں مزید سکیمیں شروع کی جائیں گی راولاکوٹ اور باغ کے عوام نے سڑکوں کی تعمیر کا مطالبہ کیا ہے جبکہ انتظامیہ نے یقین دہانی کرائی کہ کام جلد مکمل کیا جائے گا 2008ء میں انٹر میں نائن سی پیجی کے تحت وزیراعظم آزاد کشمیر نے عوام کی فلاح کے لیے منصوبوں کا اعلان کیا اور کہا کہ حکومت تعلیم اور صحت پر توجہ دے رہی ہے آزاد کشمیر کے وزیراعظم چوہدری عبدالمجید نے کہا ہے کہ مسئلہ کشمیر کے حل کے لیے پاکستان کی حمایت جاری رہے گی اور عوام کے حقوق کا تحفظ کیا جائے گا مظفرآباد میں اجلاس منعقد ہوا جس میں ترقیاتی منصوبوں کا جائزہ لیا گیا اور اعلا
21
❦
2008ء میں انٹر میں نائن سی پیجی کے تحت وزیراعظم آزاد کشمیر نے عوام کی فلاح کے لیے منصوبوں کا اعلان کیا اور کہا کہ حکومت تعلیم اور صحت پر توجہ دے رہی ہے آزاد کشمیر کے وزیراعظم چوہدری عبدالمجید نے کہا ہے کہ مسئلہ کشمیر کے حل کے لیے پاکستان کی حمایت جاری رہے گی اور عوام کے حقوق کا تحفظ کیا جائے گا مظفرآباد میں اجلاس منعقد ہوا جس میں ترقیاتی منصوبوں کا جائزہ لیا گیا اور اعلان کیا گیا کہ 2016ء میں مزید سکیمیں شروع کی جائیں گی راولاکوٹ اور باغ کے عوام نے سڑکوں کی تعمیر کا مطالبہ کیا ہے جبکہ انتظامیہ نے یقین دہانی کرائی کہ کام جلد مکمل کیا جائے گا 2008ء میں انٹر میں نائن سی پیجی کے تحت وزیراعظم آزاد کشمیر نے عوام کی فلاح کے لیے منصوبوں کا اعلان کیا اور کہا کہ حکومت تعلیم اور صحت پر توجہ دے رہی ہے آزاد کشمیر کے وزیراعظم چوہدری عبدالمجید نے کہا ہے کہ مسئلہ کشمیر کے حل کے لیے پاکستان کی حمایت جاری رہے گی اور عوام کے حقوق کا تحفظ کیا جائے گا مظفرآباد میں اجلاس منعقد ہوا جس میں ترقیاتی منصوبوں کا جائزہ لیا گیا اور اعلان کیا گیا کہ 2016ء میں مزید سکیمیں شروع کی جائیں گی راولاکوٹ اور باغ کے عوام نے سڑکوں کی تعمیر کا مطالبہ کیا ہے جبک
22
❦
آزاد کشمیر کے وزیراعظم چوہدری عبدالمجید نے کہا ہے کہ مسئلہ کشمیر کے حل کے لیے پاکستان کی حمایت جاری رہے گی اور عوام کے حقوق کا تحفظ کیا جائے گا مظفرآباد میں اجلاس منعقد ہوا جس میں ترقیاتی منصوبوں کا جائزہ لیا گیا اور اعلان کیا گیا کہ 2016ء میں مزید سکیمیں شروع کی جائیں گی راولاکوٹ اور باغ کے عوام نے سڑکوں کی تعمیر کا مطالبہ کیا ہے جبکہ انتظامیہ نے یقین دہانی کرائی کہ کام جلد مکمل کیا جائے گا 2008ء میں انٹر میں نائن سی پیجی کے تحت وزیراعظم آزاد کشمیر نے عوام کی فلاح کے لیے منصوبوں کا اعلان کیا اور کہا کہ حکومت تعلیم اور صحت پر توجہ دے رہی ہے آزاد کشمیر کے وزیراعظم چوہدری عبدالمجید نے کہا ہے کہ مسئلہ کشمیر کے حل کے لیے پاکستان کی حمایت جاری رہے گی اور عوام کے حقوق کا تحفظ کیا جائے گا مظفرآباد میں اجلاس منعقد ہوا جس میں ترقیاتی منصوبوں کا جائزہ لیا گیا اور اعلان کیا گیا کہ 2016ء میں مزید سکیمیں شروع کی جائیں گی راولاکوٹ اور باغ کے عوام نے سڑکوں کی تعمیر کا مطالبہ کیا ہے جبکہ انتظامیہ نے یقین دہانی کرائی کہ کام جلد مکمل کیا جائے گا 2008ء میں انٹر میں نائن سی پیجی کے تحت وزیراعظم آزاد کشمیر نے عوام کی فلاح کے لیے منصوبوں کا اعلا
23
❦
مظفرآباد میں اجلاس منعقد ہوا جس میں ترقیاتی منصوبوں کا جائزہ لیا گیا اور اعلان کیا گیا کہ 2016ء میں مزید سکیمیں شروع کی جائیں گی راولاکوٹ اور باغ کے عوام نے سڑکوں کی تعمیر کا مطالبہ کیا ہے جبکہ انتظامیہ نے یقین دہانی کرائی کہ کام جلد مکمل کیا جائے گا 2008ء میں انٹر میں نائن سی پیجی کے تحت وزیراعظم آزاد کشمیر نے عوام کی فلاح کے لیے منصوبوں کا اعلان کیا اور کہا کہ حکومت تعلیم اور صحت پر توجہ دے رہی ہے آزاد کشمیر کے وزیراعظم چوہدری عبدالمجید نے کہا ہے کہ مسئلہ کشمیر کے حل کے لیے پاکستان کی حمایت جاری رہے گی اور عوام کے حقوق کا تحفظ کیا جائے گا مظفرآباد میں اجلاس منعقد ہوا جس میں ترقیاتی منصوبوں کا جائزہ لیا گیا اور اعلان کیا گیا کہ 2016ء میں مزید سکیمیں شروع کی جائیں گی راولاکوٹ اور باغ کے عوام نے سڑکوں کی تعمیر کا مطالبہ کیا ہے جبکہ انتظامیہ نے یقین دہانی کرائی کہ کام جلد مکمل کیا جائے گا 2008ء میں انٹر میں نائن سی پیجی کے تحت وزیراعظم آزاد کشمیر نے عوام کی فلاح کے لیے منصوبوں کا اعلان کیا اور کہا کہ حکومت تعلیم اور صحت پر توجہ دے رہی ہے آزاد کشمیر کے وزیراعظم چوہدری عبدالمجید نے کہا ہے کہ مسئلہ کشمیر کے حل کے لیے پاکستان کی ح
24
❦
راولاکوٹ اور باغ کے عوام نے سڑکوں کی تعمیر کا مطالبہ کیا ہے جبکہ انتظامیہ نے یقین دہانی کرائی کہ کام جلد مکمل کیا جائے گا 2008ء میں انٹر میں نائن سی پیجی کے تحت وزیراعظم آزاد کشمیر نے عوام کی فلاح کے لیے منصوبوں کا اعلان کیا اور کہا کہ حکومت تعلیم اور صحت پر توجہ دے رہی ہے آزاد کشمیر کے وزیراعظم چوہدری عبدالمجید نے کہا ہے کہ مسئلہ کشمیر کے حل کے لیے پاکستان کی حمایت جاری رہے گی اور عوام کے حقوق کا تحفظ کیا جائے گا مظفرآباد میں اجلاس منعقد ہوا جس میں ترقیاتی منصوبوں کا جائزہ لیا گیا اور اعلان کیا گیا کہ 2016ء میں مزید سکیمیں شروع کی جائیں گی راولاکوٹ اور باغ کے عوام نے سڑکوں کی تعمیر کا مطالبہ کیا ہے جبکہ انتظامیہ نے یقین دہانی کرائی کہ کام جلد مکمل کیا جائے گا 2008ء میں انٹر میں نائن سی پیجی کے تحت وزیراعظم آزاد کشمیر نے عوام کی فلاح کے لیے منصوبوں کا اعلان کیا اور کہا کہ حکومت تعلیم اور صحت پر توجہ دے رہی ہے آزاد کشمیر کے وزیراعظم چوہدری عبدالمجید نے کہا ہے کہ مسئلہ کشمیر کے حل کے لیے پاکستان کی حمایت جاری رہے گی اور عوام کے حقوق کا تحفظ کیا جائے گا مظفرآباد میں اجلاس منعقد ہوا جس میں ترقیاتی منصوبوں کا جائزہ لیا گیا اور اعلا
25
❦
2008ء میں انٹر میں نائن سی پیجی کے تحت وزیراعظم آزاد کشمیر نے عوام کی فلاح کے لیے منصوبوں کا اعلان کیا اور کہا کہ حکومت تعلیم اور صحت پر توجہ دے رہی ہے آزاد کشمیر کے وزیراعظم چوہدری عبدالمجید نے کہا ہے کہ مسئلہ کشمیر کے حل کے لیے پاکستان کی حمایت جاری رہے گی اور عوام کے حقوق کا تحفظ کیا جائے گا مظفرآباد میں اجلاس منعقد ہوا جس میں ترقیاتی منصوبوں کا جائزہ لیا گیا اور اعلان کیا گیا کہ 2016ء میں مزید سکیمیں شروع کی جائیں گی راولاکوٹ اور باغ کے عوام نے سڑکوں کی تعمیر کا مطالبہ کیا ہے جبکہ انتظامیہ نے یقین دہانی کرائی کہ کام جلد مکمل کیا جائے گا 2008ء میں انٹر میں نائن سی پیجی کے تحت وزیراعظم آزاد کشمیر نے عوام کی فلاح کے لیے منصوبوں کا اعلان کیا اور کہا کہ حکومت تعلیم اور صحت پر توجہ دے رہی ہے آزاد کشمیر کے وزیراعظم چوہدری عبدالمجید نے کہا ہے کہ مسئلہ کشمیر کے حل کے لیے پاکستان کی حمایت جاری رہے گی اور عوام کے حقوق کا تحفظ کیا جائے گا مظفرآباد میں اجلاس منعقد ہوا جس میں ترقیاتی منصوبوں کا جائزہ لیا گیا اور اعلان کیا گیا کہ 2016ء میں مزید سکیمیں شروع کی جائیں گی راولاکوٹ اور باغ کے عوام نے سڑکوں کی تعمیر کا مطالبہ کیا ہے جبک
26
❦
آزاد کشمیر کے وزیراعظم چوہدری عبدالمجید نے کہا ہے کہ مسئلہ کشمیر کے حل کے لیے پاکستان کی حمایت جاری رہے گی اور عوام کے حقوق کا تحفظ کیا جائے گا مظفرآباد میں اجلاس منعقد ہوا جس میں ترقیاتی منصوبوں کا جائزہ لیا گیا اور اعلان کیا گیا کہ 2016ء میں مزید سکیمیں شروع کی جائیں گی راولاکوٹ اور باغ کے عوام نے سڑکوں کی تعمیر کا مطالبہ کیا ہے جبکہ انتظامیہ نے یقین دہانی کرائی کہ کام جلد مکمل کیا جائے گا 2008ء میں انٹر میں نائن سی پیجی کے تحت وزیراعظم آزاد کشمیر نے عوام کی فلاح کے لیے منصوبوں کا اعلان کیا اور کہا کہ حکومت تعلیم اور صحت پر توجہ دے رہی ہے آزاد کشمیر کے وزیراعظم چوہدری عبدالمجید نے کہا ہے کہ مسئلہ کشمیر کے حل کے لیے پاکستان کی حمایت جاری رہے گی اور عوام کے حقوق کا تحفظ کیا جائے گا مظفرآباد میں اجلاس منعقد ہوا جس میں ترقیاتی منصوبوں کا جائزہ لیا گیا اور اعلان کیا گیا کہ 2016ء میں مزید سکیمیں شروع کی جائیں گی راولاکوٹ اور باغ کے عوام نے سڑکوں کی تعمیر کا مطالبہ کیا ہے جبکہ انتظامیہ نے یقین دہانی کرائی کہ کام جلد مکمل کیا جائے گا 2008ء میں انٹر میں نائن سی پیجی کے تحت وزیراعظم آزاد کشمیر نے عوام کی فلاح کے لیے منصوبوں کا اعلا
27
❦
مظفرآباد میں اجلاس منعقد ہوا جس میں ترقیاتی منصوبوں کا جائزہ لیا گیا اور اعلان کیا گیا کہ 2016ء میں مزید سکیمیں شروع کی جائیں گی راولاکوٹ اور باغ کے عوام نے سڑکوں کی تعمیر کا مطالبہ کیا ہے جبکہ انتظامیہ نے یقین دہانی کرائی کہ کام جلد مکمل کیا جائے گا 2008ء میں انٹر میں نائن سی پیجی کے تحت وزیراعظم آزاد کشمیر نے عوام کی فلاح کے لیے منصوبوں کا اعلان کیا اور کہا کہ حکومت تعلیم اور صحت پر توجہ دے رہی ہے آزاد کشمیر کے وزیراعظم چوہدری عبدالمجید نے کہا ہے کہ مسئلہ کشمیر کے حل کے لیے پاکستان کی حمایت جاری رہے گی اور عوام کے حقوق کا تحفظ کیا جائے گا مظفرآباد میں اجلاس منعقد ہوا جس میں ترقیاتی منصوبوں کا جائزہ لیا گیا اور اعلان کیا گیا کہ 2016ء میں مزید سکیمیں شروع کی جائیں گی راولاکوٹ اور باغ کے عوام نے سڑکوں کی تعمیر کا مطالبہ کیا ہے جبکہ انتظامیہ نے یقین دہانی کرائی کہ کام جلد مکمل کیا جائے گا 2008ء میں انٹر میں نائن سی پیجی کے تحت وزیراعظم آزاد کشمیر نے عوام کی فلاح کے لیے منصوبوں کا اعلان کیا اور کہا کہ حکومت تعلیم اور صحت پر توجہ دے رہی ہے آزاد کشمیر کے وزیراعظم چوہدری عبدالمجید نے کہا ہے کہ مسئلہ کشمیر کے حل کے لیے پاکستان کی ح
28
❦
راولاکوٹ اور باغ کے عوام نے سڑکوں کی تعمیر کا مطالبہ کیا ہے جبکہ انتظامیہ نے یقین دہانی کرائی کہ کام جلد مکمل کیا جائے گا 2008ء میں انٹر میں نائن سی پیجی کے تحت وزیراعظم آزاد کشمیر نے عوام کی فلاح کے لیے منصوبوں کا اعلان کیا اور کہا کہ حکومت تعلیم اور صحت پر توجہ دے رہی ہے آزاد کشمیر کے وزیراعظم چوہدری عبدالمجید نے کہا ہے کہ مسئلہ کشمیر کے حل کے لیے پاکستان کی حمایت جاری رہے گی اور عوام کے حقوق کا تحفظ کیا جائے گا مظفرآباد میں اجلاس منعقد ہوا جس میں ترقیاتی منصوبوں کا جائزہ لیا گیا اور اعلان کیا گیا کہ 2016ء میں مزید سکیمیں شروع کی جائیں گی راولاکوٹ اور باغ کے عوام نے سڑکوں کی تعمیر کا مطالبہ کیا ہے جبکہ انتظامیہ نے یقین دہانی کرائی کہ کام جلد مکمل کیا جائے گا 2008ء میں انٹر میں نائن سی پیجی کے تحت وزیراعظم آزاد کشمیر نے عوام کی فلاح کے لیے منصوبوں کا اعلان کیا اور کہا کہ حکومت تعلیم اور صحت پر توجہ دے رہی ہے آزاد کشمیر کے وزیراعظم چوہدری عبدالمجید نے کہا ہے کہ مسئلہ کشمیر کے حل کے لیے پاکستان کی حمایت جاری رہے گی اور عوام کے حقوق کا تحفظ کیا جائے گا مظفرآباد میں اجلاس منعقد ہوا جس میں ترقیاتی منصوبوں کا جائزہ لیا گیا اور اعلا
29
❦
2008ء میں انٹر میں نائن سی پیجی کے تحت وزیراعظم آزاد کشمیر نے عوام کی فلاح کے لیے منصوبوں کا اعلان کیا اور کہا کہ حکومت تعلیم اور صحت پر توجہ دے رہی ہے آزاد کشمیر کے وزیراعظم چوہدری عبدالمجید نے کہا ہے کہ مسئلہ کشمیر کے حل کے لیے پاکستان کی حمایت جاری رہے گی اور عوام کے حقوق کا تحفظ کیا جائے گا مظفرآباد میں اجلاس منعقد ہوا جس میں ترقیاتی منصوبوں کا جائزہ لیا گیا اور اعلان کیا گیا کہ 2016ء میں مزید سکیمیں شروع کی جائیں گی راولاکوٹ اور باغ کے عوام نے سڑکوں کی تعمیر کا مطالبہ کیا ہے جبکہ انتظامیہ نے یقین دہانی کرائی کہ کام جلد مکمل کیا جائے گا 2008ء میں انٹر میں نائن سی پیجی کے تحت وزیراعظم آزاد کشمیر نے عوام کی فلاح کے لیے منصوبوں کا اعلان کیا اور کہا کہ حکومت تعلیم اور صحت پر توجہ دے رہی ہے آزاد کشمیر کے وزیراعظم چوہدری عبدالمجید نے کہا ہے کہ مسئلہ کشمیر کے حل کے لیے پاکستان کی حمایت جاری رہے گی اور عوام کے حقوق کا تحفظ کیا جائے گا مظفرآباد میں اجلاس منعقد ہوا جس میں ترقیاتی منصوبوں کا جائزہ لیا گیا اور اعلان کیا گیا کہ 2016ء میں مزید سکیمیں شروع کی جائیں گی راولاکوٹ اور باغ کے عوام نے سڑکوں کی تعمیر کا مطالبہ کیا ہے جبک
30
❦
آزاد کشمیر کے وزیراعظم چوہدری عبدالمجید نے کہا ہے کہ مسئلہ کشمیر کے حل کے لیے پاکستان کی حمایت جاری رہے گی اور عوام کے حقوق کا تحفظ کیا جائے گا مظفرآباد میں اجلاس منعقد ہوا جس میں ترقیاتی منصوبوں کا جائزہ لیا گیا اور اعلان کیا گیا کہ 2016ء میں مزید سکیمیں شروع کی جائیں گی راولاکوٹ اور باغ کے عوام نے سڑکوں کی تعمیر کا مطالبہ کیا ہے جبکہ انتظامیہ نے یقین دہانی کرائی کہ کام جلد مکمل کیا جائے گا 2008ء میں انٹر میں نائن سی پیجی کے تحت وزیراعظم آزاد کشمیر نے عوام کی فلاح کے لیے منصوبوں کا اعلان کیا اور کہا کہ حکومت تعلیم اور صحت پر توجہ دے رہی ہے آزاد کشمیر کے وزیراعظم چوہدری عبدالمجید نے کہا ہے کہ مسئلہ کشمیر کے حل کے لیے پاکستان کی حمایت جاری رہے گی اور عوام کے حقوق کا تحفظ کیا جائے گا مظفرآباد میں اجلاس منعقد ہوا جس میں ترقیاتی منصوبوں کا جائزہ لیا گیا اور اعلان کیا گیا کہ 2016ء میں مزید سکیمیں شروع کی جائیں گی راولاکوٹ اور باغ کے عوام نے سڑکوں کی تعمیر کا مطالبہ کیا ہے جبکہ انتظامیہ نے یقین دہانی کرائی کہ کام جلد مکمل کیا جائے گا 2008ء میں انٹر میں نائن سی پیجی کے تحت وزیراعظم آزاد کشمیر نے عوام کی فلاح کے لیے منصوبوں کا اعلا
31
❦
مظفرآباد میں اجلاس منعقد ہوا جس میں ترقیاتی منصوبوں کا جائزہ لیا گیا اور اعلان کیا گیا کہ 2016ء میں مزید سکیمیں شروع کی جائیں گی راولاکوٹ اور باغ کے عوام نے سڑکوں کی تعمیر کا مطالبہ کیا ہے جبکہ انتظامیہ نے یقین دہانی کرائی کہ کام جلد مکمل کیا جائے گا 2008ء میں انٹر میں نائن سی پیجی کے تحت وزیراعظم آزاد کشمیر نے عوام کی فلاح کے لیے منصوبوں کا اعلان کیا اور کہا کہ حکومت تعلیم اور صحت پر توجہ دے رہی ہے آزاد کشمیر کے وزیراعظم چوہدری عبدالمجید نے کہا ہے کہ مسئلہ کشمیر کے حل کے لیے پاکستان کی حمایت جاری رہے گی اور عوام کے حقوق کا تحفظ کیا جائے گا مظفرآباد میں اجلاس منعقد ہوا جس میں ترقیاتی منصوبوں کا جائزہ لیا گیا اور اعلان کیا گیا کہ 2016ء میں مزید سکیمیں شروع کی جائیں گی راولاکوٹ اور باغ کے عوام نے سڑکوں کی تعمیر کا مطالبہ کیا ہے جبکہ انتظامیہ نے یقین دہانی کرائی کہ کام جلد مکمل کیا جائے گا 2008ء میں انٹر میں نائن سی پیجی کے تحت وزیراعظم آزاد کشمیر نے عوام کی فلاح کے لیے منصوبوں ک
32
❦
راولاکوٹ اور باغ کے عوام نے سڑکوں کی تعمیر کا مطالبہ کیا ہے جبکہ انتظامیہ نے یقین دہانی کرائی کہ کام جلد مکمل کیا جائے گا 2008ء میں انٹر میں نائن سی پیجی کے تحت وزیراعظم آزاد کشمیر نے عوام کی فلاح کے لیے منصوبوں کا اعلان کیا اور کہا کہ حکومت تعلیم اور صحت پر توجہ دے رہی ہے آزاد کشمیر کے وزیراعظم چوہدری عبدالمجید نے کہا ہے کہ مسئلہ کشمیر کے حل کے لیے پاکستان کی حمایت جاری رہے گی اور عوام کے حقوق کا تحفظ کیا جائے گا مظفرآباد میں اجلاس منعقد ہوا جس میں ترقیاتی منصوبوں کا جائزہ لیا گیا اور اعلان کیا گیا کہ 2016ء میں مزید سکیمیں شروع کی جائیں گی راولاکوٹ اور باغ کے عوام نے سڑکوں کی تعمیر کا مطالبہ کیا ہے جبکہ انتظامیہ نے یقین دہانی کرائی کہ کام جلد مکمل کیا جائے گا 2008ء میں انٹر میں نائن سی پیجی کے تحت وزیراعظم آزاد کشمیر نے عوام کی فلاح کے لیے منصوبوں کا اعلان کیا اور کہا کہ حکومت تعلیم اور صحت پر توجہ دے رہی ہے آزاد کشمیر کے وزیراعظم چوہدری عبدالمجید نے کہا ہے کہ مسئلہ کشمیر ک
33
❦
2008ء میں انٹر میں نائن سی پیجی کے تحت وزیراعظم آزاد کشمیر نے عوام کی فلاح کے لیے منصوبوں کا اعلان کیا اور کہا کہ حکومت تعلیم اور صحت پر توجہ دے رہی ہے آزاد کشمیر کے وزیراعظم چوہدری عبدالمجید نے کہا ہے کہ مسئلہ کشمیر کے حل کے لیے پاکستان کی حمایت جاری رہے گی اور عوام کے حقوق کا تحفظ کیا جائے گا مظفرآباد میں اجلاس منعقد ہوا جس میں ترقیاتی منصوبوں کا جائزہ لیا گیا اور اعلان کیا گیا کہ 2016ء میں مزید سکیمیں شروع کی جائیں گی راولاکوٹ اور باغ کے عوام نے سڑکوں کی تعمیر کا مطالبہ کیا ہے جبکہ انتظامیہ نے یقین دہانی کرائی کہ کام جلد مکمل کیا جائے گا 2008ء میں انٹر میں نائن سی پیجی کے تحت وزیراعظم آزاد کشمیر نے عوام کی فلاح کے لیے منصوبوں کا اعلان کیا اور کہا کہ حکومت تعلیم اور صحت پر توجہ دے رہی ہے آزاد کشمیر کے وزیراعظم چوہدری عبدالمجید نے کہا ہے کہ مسئلہ کشمیر کے حل کے لیے پاکستان کی حمایت جاری رہے گی اور عوام کے حقوق کا تحفظ کیا جائے گا مظفرآباد میں اجلاس منعقد ہوا جس می
34
❦
آزاد کشمیر کے وزیراعظم چوہدری عبدالمجید نے کہا ہے کہ مسئلہ کشمیر کے حل کے لیے پاکستان کی حمایت جاری رہے گی اور عوام کے حقوق کا تحفظ کیا جائے گا مظفرآباد میں اجلاس منعقد ہوا جس میں ترقیاتی منصوبوں کا جائزہ لیا گیا اور اعلان کیا گیا کہ 2016ء میں مزید سکیمیں شروع کی جائیں گی راولاکوٹ اور باغ کے عوام نے سڑکوں کی تعمیر کا مطالبہ کیا ہے جبکہ انتظامیہ نے یقین دہانی کرائی کہ کام جلد مکمل کیا جائے گا 2008ء میں انٹر میں نائن سی پیجی کے تحت وزیراعظم آزاد کشمیر نے عوام کی فلاح کے لیے منصوبوں کا اعلان کیا اور کہا کہ حکومت تعلیم اور صحت پر توجہ دے رہی ہے آزاد کشمیر کے وزیراعظم چوہدری عبدالمجید نے کہا ہے کہ مسئلہ کشمیر کے حل کے لیے پاکستان کی حمایت جاری رہے گی اور عوام کے حقوق کا تحفظ کیا جائے گا مظفرآباد میں اجلاس منعقد ہوا جس میں ترقیاتی منصوبوں کا جائزہ لیا گیا اور اعلان کیا گیا کہ 2016ء میں مزید سکیمیں شروع کی جائیں گی راولاکوٹ اور باغ کے عوام نے سڑکوں کی تعمیر کا مطالبہ کیا ہے جبک
35
❦
مظفرآباد میں اجلاس منعقد ہوا جس میں ترقیاتی منصوبوں کا جائزہ لیا گیا اور اعلان کیا گیا کہ 2016ء میں مزید سکیمیں شروع کی جائیں گی راولاکوٹ اور باغ کے عوام نے سڑکوں کی تعمیر کا مطالبہ کیا ہے جبکہ انتظامیہ نے یقین دہانی کرائی کہ کام جلد مکمل کیا جائے گا 2008ء میں انٹر میں نائن سی پیجی کے تحت وزیراعظم آزاد کشمیر نے عوام کی فلاح کے لیے منصوبوں کا اعلان کیا اور کہا کہ حکومت تعلیم اور صحت پر توجہ دے رہی ہے آزاد کشمیر کے وزیراعظم چوہدری عبدالمجید نے کہا ہے کہ مسئلہ کشمیر کے حل کے لیے پاکستان کی حمایت جاری رہے گی اور عوام کے حقوق کا تحفظ کیا جائے گا مظفرآباد میں اجلاس منعقد ہوا جس میں ترقیاتی منصوبوں کا جائزہ لیا گیا اور اعلان کیا گیا کہ 2016ء میں مزید سکیمیں شروع کی جائیں گی راولاکوٹ اور باغ کے عوام نے سڑکوں کی تعمیر کا مطالبہ کیا ہے جبکہ انتظامیہ نے یقین دہانی کرائی کہ کام جلد مکمل کیا جائے گا 2008ء میں انٹر میں نائن سی پیجی کے تحت وزیراعظم آزاد کشمیر نے عوام کی فلاح کے لیے منصوبوں ک
36
❦
راولاکوٹ اور باغ کے عوام نے سڑکوں کی تعمیر کا مطالبہ کیا ہے جبکہ انتظامیہ نے یقین دہانی کرائی کہ کام جلد مکمل کیا جائے گا 2008ء میں انٹر میں نائن سی پیجی کے تحت وزیراعظم آزاد کشمیر نے عوام کی فلاح کے لیے منصوبوں کا اعلان کیا اور کہا کہ حکومت تعلیم اور صحت پر توجہ دے رہی ہے آزاد کشمیر کے وزیراعظم چوہدری عبدالمجید نے کہا ہے کہ مسئلہ کشمیر کے حل کے لیے پاکستان کی حمایت جاری رہے گی اور عوام کے حقوق کا تحفظ کیا جائے گا مظفرآباد میں اجلاس منعقد ہوا جس میں ترقیاتی منصوبوں کا جائزہ لیا گیا اور اعلان کیا گیا کہ 2016ء میں مزید سکیمیں شروع کی جائیں گی راولاکوٹ اور باغ کے عوام نے سڑکوں کی تعمیر کا مطالبہ کیا ہے جبکہ انتظامیہ نے یقین دہانی کرائی کہ کام جلد مکمل کیا جائے گا 2008ء میں انٹر میں نائن سی پیجی کے تحت وزیراعظم آزاد کشمیر نے عوام کی فلاح کے لیے منصوبوں کا اعلان کیا اور کہا کہ حکومت تعلیم اور صحت پر توجہ دے رہی ہے آزاد کشمیر کے وزیراعظم چوہدری عبدالمجید نے کہا ہے کہ مسئلہ کشمیر ک
37
❦
2008ء میں انٹر میں نائن سی پیجی کے تحت وزیراعظم آزاد کشمیر نے عوام کی فلاح کے لیے منصوبوں کا اعلان کیا اور کہا کہ حکومت تعلیم اور صحت پر توجہ دے رہی ہے آزاد کشمیر کے وزیراعظم چوہدری عبدالمجید نے کہا ہے کہ مسئلہ کشمیر کے حل کے لیے پاکستان کی حمایت جاری رہے گی اور عوام کے حقوق کا تحفظ کیا جائے گا مظفرآباد میں اجلاس منعقد ہوا جس میں ترقیاتی منصوبوں کا جائزہ لیا گیا اور اعلان کیا گیا کہ 2016ء میں مزید سکیمیں شروع کی جائیں گی راولاکوٹ اور باغ کے عوام نے سڑکوں کی تعمیر کا مطالبہ کیا ہے جبکہ انتظامیہ نے یقین دہانی کرائی کہ کام جلد مکمل کیا جائے گا 2008ء میں انٹر میں نائن سی پیجی کے تحت وزیراعظم آزاد کشمیر نے عوام کی فلاح کے لیے منصوبوں کا اعلان کیا اور کہا کہ حکومت تعلیم اور صحت پر توجہ دے رہی ہے آزاد کشمیر کے وزیراعظم چوہدری عبدالمجید نے کہا ہے کہ مسئلہ کشمیر کے حل کے لیے پاکستان کی حمایت جاری رہے گی اور عوام کے حقوق کا تحفظ کیا جائے گا مظفرآباد میں اجلاس منعقد ہوا جس می
38
❦
آزاد کشمیر کے وزیراعظم چوہدری عبدالمجید نے کہا ہے کہ مسئلہ کشمیر کے حل کے لیے پاکستان کی حمایت جاری رہے گی اور عوام کے حقوق کا تحفظ کیا جائے گا مظفرآباد میں اجلاس منعقد ہوا جس میں ترقیاتی منصوبوں کا جائزہ لیا گیا اور اعلان کیا گیا کہ 2016ء میں مزید سکیمیں شروع کی جائیں گی راولاکوٹ اور باغ کے عوام نے سڑکوں کی تعمیر کا مطالبہ کیا ہے جبکہ انتظامیہ نے یقین دہانی کرائی کہ کام جلد مکمل کیا جائے گا 2008ء میں انٹر میں نائن سی پیجی کے تحت وزیراعظم آزاد کشمیر نے عوام کی فلاح کے لیے منصوبوں کا اعلان کیا اور کہا کہ حکومت تعلیم اور صحت پر توجہ دے رہی ہے آزاد کشمیر کے وزیراعظم چوہدری عبدالمجید نے کہا ہے کہ مسئلہ کشمیر کے حل کے لیے پاکستان کی حمایت جاری رہے گی اور عوام کے حقوق کا تحفظ کیا جائے گا مظفرآباد میں اجلاس منعقد ہوا جس میں ترقیاتی منصوبوں کا جائزہ لیا گیا اور اعلان کیا گیا کہ 2016ء میں مزید سکیمیں شروع کی جائیں گی راولاکوٹ اور باغ کے عوام نے سڑکوں کی تعمیر کا مطالبہ کیا ہے جبکہ انتظامیہ نے یقین دہانی کرائی کہ کام جلد مکمل کیا جائے گا 2008ء میں انٹر میں نائن سی پیجی کے تحت وزیراعظم آزاد کشمیر نے عوام کی فلاح کے لیے منصوبوں کا اعلان کیا اور کہا کہ حکومت تعلیم اور صحت پر توجہ دے رہی ہے آزاد کشمیر کے وزیراعظم چوہدری عبدالمجید نے کہا ہے کہ مسئلہ کشمیر کے حل کے لیے پاکستان کی حمایت جاری رہے گی اور عوام کے حقوق کا تحفظ کیا جائے گا مظفرآباد میں اجلاس منعقد ہوا جس میں ترقیاتی منصوبوں کا جائزہ لیا گیا اور اعلان کیا گیا کہ 2016ء میں مزید سکیمیں شروع کی جائیں گی راولاکوٹ اور باغ کے عوام نے سڑکوں کی تعمیر کا مطالبہ کیا ہے جبکہ انتظامیہ نے یقین دہانی کرائی کہ کام جلد مکمل کیا جائے گا 2008ء میں انٹر میں نائن سی پیجی کے تحت وزیراعظم آزاد کشمیر نے عوام کی فلاح کے لیے منصوبوں کا اعلان کیا اور کہا کہ حکومت تعلیم اور صحت پر توجہ دے رہی ہے آزاد کشمیر ک
39
❦
مظفرآباد میں اجلاس منعقد ہوا جس میں ترقیاتی منصوبوں کا جائزہ لیا گیا اور اعلان کیا گیا کہ 2016ء میں مزید سکیمیں شروع کی جائیں گی راولاکوٹ اور باغ کے عوام نے سڑکوں کی تعمیر کا مطالبہ کیا ہے جبکہ انتظامیہ نے یقین دہانی کرائی کہ کام جلد مکمل کیا جائے گا 2008ء میں انٹر میں نائن سی پیجی کے تحت وزیراعظم آزاد کشمیر نے عوام کی فلاح کے لیے منصوبوں کا اعلان کیا اور کہا کہ حکومت تعلیم اور صحت پر توجہ دے رہی ہے آزاد کشمیر کے وزیراعظم چوہدری عبدالمجید نے کہا ہے کہ مسئلہ کشمیر کے حل کے لیے پاکستان کی حمایت جاری رہے گی اور عوام کے حقوق کا تحفظ کیا جائے گا مظفرآباد میں اجلاس منعقد ہوا جس میں ترقیاتی منصوبوں کا جائزہ لیا گیا اور اعلان کیا گیا کہ 2016ء میں مزید سکیمیں شروع کی جائیں گی راولاکوٹ اور باغ کے عوام نے سڑکوں کی تعمیر کا مطالبہ کیا ہے جبکہ انتظامیہ نے یقین دہانی کرائی کہ کام جلد مکمل کیا جائے گا 2008ء میں انٹر میں نائن سی پیجی کے تحت وزیراعظم آزاد کشمیر نے عوام کی فلاح کے لیے منصوبوں کا اعلان کیا اور کہا کہ حکومت تعلیم اور صحت پر توجہ دے رہی ہے آزاد کشمیر کے وزیراعظم چوہدری عبدالمجید نے کہا ہے کہ مسئلہ کشمیر کے حل کے لیے پاکستان کی حمایت جاری رہے گی اور عوام کے حقوق کا تحفظ کیا جائے گا مظفرآباد میں اجلاس منعقد ہوا جس میں ترقیاتی منصوبوں کا جائزہ لیا گیا اور اعلان کیا گیا کہ 2016ء میں مزید سکیمیں شروع کی جائیں گی راولاکوٹ اور باغ کے عوام نے سڑکوں کی تعمیر کا مطالبہ کیا ہے جبکہ انتظامیہ نے یقین دہانی کرائی کہ کام جلد مکمل کیا جائے گا 2008ء میں انٹر میں نائن سی پیجی کے تحت وزیراعظم آزاد کشمیر نے عوام کی فلاح کے لیے منصوبوں کا اعلان کیا اور کہا کہ حکومت تعلیم اور صحت پر توجہ دے رہی ہے آزاد کشمیر کے وزیراعظم چوہدری عبدالمجید نے کہا ہے کہ مسئلہ کشمیر کے حل کے لیے پاکستان کی حمایت جاری رہے گی اور عوام کے حقوق کا تحفظ کیا جائے گا مظفرآباد میں اجل
40
❦
راولاکوٹ اور باغ کے عوام نے سڑکوں کی تعمیر کا مطالبہ کیا ہے جبکہ انتظامیہ نے یقین دہانی کرائی کہ کام جلد مکمل کیا جائے گا 2008ء میں انٹر میں نائن سی پیجی کے تحت وزیراعظم آزاد کشمیر نے عوام کی فلاح کے لیے منصوبوں کا اعلان کیا اور کہا کہ حکومت تعلیم اور صحت پر توجہ دے رہی ہے آزاد کشمیر کے وزیراعظم چوہدری عبدالمجید نے کہا ہے کہ مسئلہ کشمیر کے حل کے لیے پاکستان کی حمایت جاری رہے گی اور عوام کے حقوق کا تحفظ کیا جائے گا مظفرآباد میں اجلاس منعقد ہوا جس میں ترقیاتی منصوبوں کا جائزہ لیا گیا اور اعلان کیا گیا کہ 2016ء میں مزید سکیمیں شروع کی جائیں گی راولاکوٹ اور باغ کے عوام نے سڑکوں کی تعمیر کا مطالبہ کیا ہے جبکہ انتظامیہ نے یقین دہانی کرائی کہ کام جلد مکمل کیا جائے گا 2008ء میں انٹر میں نائن سی پیجی کے تحت وزیراعظم آزاد کشمیر نے عوام کی فلاح کے لیے منصوبوں کا اعلان کیا اور کہا کہ حکومت تعلیم اور صحت پر توجہ دے رہی ہے آزاد کشمیر کے وزیراعظم چوہدری عبدالمجید نے کہا ہے کہ مسئلہ کشمیر کے حل کے لیے پاکستان کی حمایت جاری رہے گی اور عوام کے حقوق کا تحفظ کیا جائے گا مظفرآباد میں اجلاس منعقد ہوا جس میں ترقیاتی منصوبوں کا جائزہ لیا گیا اور اعلان کیا گیا کہ 2016ء میں مزید سکیمیں شروع کی جائیں گی راولاکوٹ اور باغ کے عوام نے سڑکوں کی تعمیر کا مطالبہ کیا ہے جبکہ انتظامیہ نے یقین دہانی کرائی کہ کام جلد مکمل کیا جائے گا 2008ء میں انٹر میں نائن سی پیجی کے تحت وزیراعظم آزاد کشمیر نے عوام کی فلاح کے لیے منصوبوں کا اعلان کیا اور کہا کہ حکومت تعلیم اور صحت پر توجہ دے رہی ہے آزاد کشمیر کے وزیراعظم چوہدری عبدالمجید نے کہا ہے کہ مسئلہ کشمیر کے حل کے لیے پاکستان کی حمایت جاری رہے گی اور عوام کے حقوق کا تحفظ کیا جائے گا مظفرآباد میں اجلاس منعقد ہوا جس میں ترقیاتی منصوبوں کا جائزہ لیا گیا اور اعلان کیا گیا کہ 2016ء میں مزید سکیمیں شروع کی جائیں گی راولاکوٹ اور
41
❦
2008ء میں انٹر میں نائن سی پیجی کے تحت وزیراعظم آزاد کشمیر نے عوام کی فلاح کے لیے منصوبوں کا اعلان کیا اور کہا کہ حکومت تعلیم اور صحت پر توجہ دے رہی ہے آزاد کشمیر کے وزیراعظم چوہدری عبدالمجید نے کہا ہے کہ مسئلہ کشمیر کے حل کے لیے پاکستان کی حمایت جاری رہے گی اور عوام کے حقوق کا تحفظ کیا جائے گا مظفرآباد میں اجلاس منعقد ہوا جس میں ترقیاتی منصوبوں کا جائزہ لیا گیا اور اعلان کیا گیا کہ 2016ء میں مزید سکیمیں شروع کی جائیں گی راولاکوٹ اور باغ کے عوام نے سڑکوں کی تعمیر کا مطالبہ کیا ہے جبکہ انتظامیہ نے یقین دہانی کرائی کہ کام جلد مکمل کیا جائے گا 2008ء میں انٹر میں نائن سی پیجی کے تحت وزیراعظم آزاد کشمیر نے عوام کی فلاح کے لیے منصوبوں کا اعلان کیا اور کہا کہ حکومت تعلیم اور صحت پر توجہ دے رہی ہے آزاد کشمیر کے وزیراعظم چوہدری عبدالمجید نے کہا ہے کہ مسئلہ کشمیر کے حل کے لیے پاکستان کی حمایت جاری رہے گی اور عوام کے حقوق کا تحفظ کیا جائے گا مظفرآباد میں اجلاس منعقد ہوا جس میں ترقیاتی منصوبوں کا جائزہ لیا گیا اور اعلان کیا گیا کہ 2016ء میں مزید سکیمیں شروع کی جائیں گی راولاکوٹ اور باغ کے عوام نے سڑکوں کی تعمیر کا مطالبہ کیا ہے جبکہ انتظامیہ نے یقین دہانی کرائی کہ کام جلد مکمل کیا جائے گا 2008ء میں انٹر میں نائن سی پیجی کے تحت وزیراعظم آزاد کشمیر نے عوام کی فلاح کے لیے منصوبوں کا اعلان کیا اور کہا کہ حکومت تعلیم اور صحت پر توجہ دے رہی ہے آزاد کشمیر کے وزیراعظم چوہدری عبدالمجید نے کہا ہے کہ مسئلہ کشمیر کے حل کے لیے پاکستان کی حمایت جاری رہے گی اور عوام کے حقوق کا تحفظ کیا جائے گا مظفرآباد میں اجلاس منعقد ہوا جس میں ترقیاتی منصوبوں کا جائزہ لیا گیا اور اعلان کیا گیا کہ 2016ء میں مزید سکیمیں شروع کی جائیں گی راولاکوٹ اور باغ کے عوام نے سڑکوں کی تعمیر کا مطالبہ کیا ہے جبکہ انتظامیہ نے یقین دہانی کرائی کہ کام جلد مکمل کیا جائے گا 2008ء میں ا
42
❦
آزاد کشمیر کے وزیراعظم چوہدری عبدالمجید نے کہا ہے کہ مسئلہ کشمیر کے حل کے لیے پاکستان کی حمایت جاری رہے گی اور عوام کے حقوق کا تحفظ کیا جائے گا مظفرآباد میں اجلاس منعقد ہوا جس میں ترقیاتی منصوبوں کا جائزہ لیا گیا اور اعلان کیا گیا کہ 2016ء میں مزید سکیمیں شروع کی جائیں گی راولاکوٹ اور باغ کے عوام نے سڑکوں کی تعمیر کا مطالبہ کیا ہے جبکہ انتظامیہ نے یقین دہانی کرائی کہ کام جلد مکمل کیا جائے گا 2008ء میں انٹر میں نائن سی پیجی کے تحت وزیراعظم آزاد کشمیر نے عوام کی فلاح کے لیے منصوبوں کا اعلان کیا اور کہا کہ حکومت تعلیم اور صحت پر توجہ دے رہی ہے آزاد کشمیر کے وزیراعظم چوہدری عبدالمجید نے کہا ہے کہ مسئلہ کشمیر کے حل کے لیے پاکستان کی حمایت جاری رہے گی اور عوام کے حقوق کا تحفظ کیا جائے گا مظفرآباد میں اجلاس منعقد ہوا جس میں ترقیاتی منصوبوں کا جائزہ لیا گیا اور اعلان کیا گیا کہ 2016ء میں مزید سکیمیں شروع کی جائیں گی راولاکوٹ اور باغ کے عوام نے سڑکوں کی تعمیر کا مطالبہ کیا ہے جبکہ انتظامیہ نے یقین دہانی کرائی کہ کام جلد مکمل کیا جائے گا 2008ء میں انٹر میں نائن سی پیجی کے تحت وزیراعظم آزاد کشمیر نے عوام کی فلاح کے لیے منصوبوں کا اعلان کیا اور کہا کہ حکومت تعلیم اور صحت پر توجہ دے رہی ہے آزاد کشمیر کے وزیراعظم چوہدری عبدالمجید نے کہا ہے کہ مسئلہ کشمیر کے حل کے لیے پاکستان کی حمایت جاری رہے گی اور عوام کے حقوق کا تحفظ کیا جائے گا مظفرآباد میں اجلاس منعقد ہوا جس میں ترقیاتی منصوبوں کا جائزہ لیا گیا اور اعلان کیا گیا کہ 2016ء میں مزید سکیمیں شروع کی جائیں گی راولاکوٹ اور باغ کے عوام نے سڑکوں کی تعمیر کا مطالبہ کیا ہے جبکہ انتظامیہ نے یقین دہانی کرائی کہ کام جلد مکمل کیا جائے گا 2008ء میں انٹر میں نائن سی پیجی کے تحت وزیراعظم آزاد کشمیر نے عوام کی فلاح کے لیے منصوبوں کا اعلان کیا اور کہا کہ حکومت تعلیم اور صحت پر توجہ دے رہی ہے آزاد کشمیر کے وزیراعظم چوہدری عبدالمجید نے کہا ہے کہ مسئلہ کشمیر کے حل کے لیے پاکستان کی حمایت جاری رہے گی اور عوام کے حقوق کا تحفظ کیا جائے گا مظفرآباد میں اجلاس منعقد ہوا جس میں ترقیاتی منصوبوں کا جائزہ لیا گیا اور اعلان کیا گیا کہ 2016ء میں مزید سکیمیں شروع کی جائیں گی راولاکوٹ اور باغ کے عوام نے سڑکوں کی تعمیر کا مطالبہ کیا ہے جبکہ انتظامیہ نے یقین دہانی کرائی کہ کام جلد مکمل کیا جائے گا 2008ء میں انٹر میں نائن سی پیجی کے تحت وزیراعظم آزاد کشمیر نے عوام کی فلاح کے لیے منصوبوں کا اعلان کیا اور کہا کہ حکومت تعلیم اور صحت پر توجہ دے رہی ہے آزاد کشمیر کے وزیراعظم چوہدری عبدالمجید نے کہا ہے کہ مسئلہ کشمیر کے حل کے لیے پاکستان کی حمایت جاری رہے گی اور
43
❦
مظفرآباد میں اجلاس منعقد ہوا جس میں ترقیاتی منصوبوں کا جائزہ لیا گیا اور اعلان کیا گیا کہ 2016ء میں مزید سکیمیں شروع کی جائیں گی راولاکوٹ اور باغ کے عوام نے سڑکوں کی تعمیر کا مطالبہ کیا ہے جبکہ انتظامیہ نے یقین دہانی کرائی کہ کام جلد مکمل کیا جائے گا 2008ء میں انٹر میں نائن سی پیجی کے تحت وزیراعظم آزاد کشمیر نے عوام کی فلاح کے لیے منصوبوں کا اعلان کیا اور کہا کہ حکومت تعلیم اور صحت پر توجہ دے رہی ہے آزاد کشمیر کے وزیراعظم چوہدری عبدالمجید نے کہا ہے کہ مسئلہ کشمیر کے حل کے لیے پاکستان کی حمایت جاری رہے گی اور عوام کے حقوق کا تحفظ کیا جائے گا مظفرآباد میں اجلاس منعقد ہوا جس میں ترقیاتی منصوبوں کا جائزہ لیا گیا اور اعلان کیا گیا کہ 2016ء میں مزید سکیمیں شروع کی جائیں گی راولاکوٹ اور باغ کے عوام نے سڑکوں کی تعمیر کا مطالبہ کیا ہے جبکہ انتظامیہ نے یقین دہانی کرائی کہ کام جلد مکمل کیا جائے گا 2008ء میں انٹر میں نائن سی پیجی کے تحت وزیراعظم آزاد کشمیر نے عوام کی فلاح کے لیے منصوبوں کا اعلان کیا اور کہا کہ حکومت تعلیم اور صحت پر توجہ دے رہی ہے آزاد کشمیر کے وزیراعظم چوہدری عبدالمجید نے کہا ہے کہ مسئلہ کشمیر کے حل کے لیے پاکستان کی حمایت جاری رہے گی اور عوام کے حقوق کا تحفظ کیا جائے گا مظفرآباد میں اجلاس منعقد ہوا جس میں ترقیاتی منصوبوں کا جائزہ لیا گیا اور اعلان کیا گیا کہ 2016ء میں مزید سکیمیں شروع کی جائیں گی راولاکوٹ اور باغ کے عوام نے سڑکوں کی تعمیر کا مطالبہ کیا ہے جبکہ انتظامیہ نے یقین دہانی کرائی کہ کام جلد مکمل کیا جائے گا 2008ء میں انٹر میں نائن سی پیجی کے تحت وزیراعظم آزاد کشمیر نے عوام کی فلاح کے لیے منصوبوں کا اعلان کیا اور کہا کہ حکومت تعلیم اور صحت پر توجہ دے رہی ہے آزاد کشمیر کے وزیراعظم چوہدری عبدالمجید نے کہا ہے کہ مسئلہ کشمیر کے حل کے لیے پاکستان کی حمایت جاری رہے گی اور عوام کے حقوق کا تحفظ کیا جائے گا مظفرآباد میں اجلاس منعقد ہوا جس میں ترقیاتی منصوبوں کا جائزہ لیا گیا اور اعلان کیا گیا کہ 2016ء میں مزید سکیمیں شروع کی جائیں گی راولاکوٹ اور باغ کے عوام نے سڑکوں کی تعمیر کا مطالبہ کیا ہے جبکہ انتظامیہ نے یقین دہانی کرائی کہ کام جلد مکمل کیا جائے گا 2008ء میں انٹر میں نائن سی پیجی کے تحت وزیراعظم آزاد کشمیر نے عوام کی فلاح کے لیے منصوبوں کا اعلان کیا اور کہا کہ حکومت تعلیم اور صحت پر توجہ دے رہی ہے آزاد کشمیر کے وزیراعظم چوہدری عبدالمجید نے کہا ہے کہ مسئلہ کشمیر کے حل کے لیے پاکستان کی حمایت جاری رہے گی اور عوام کے حقوق کا تحفظ کیا جائے گا مظفرآباد میں اجلاس منعقد ہوا جس میں ترقیاتی منصوبوں کا جائزہ لیا گیا اور اعلان کیا گیا کہ 2016ء میں مزید سک
44
❦
راولاکوٹ اور باغ کے عوام نے سڑکوں کی تعمیر کا مطالبہ کیا ہے جبکہ انتظامیہ نے یقین دہانی کرائی کہ کام جلد مکمل کیا جائے گا 2008ء میں انٹر میں نائن سی پیجی کے تحت وزیراعظم آزاد کشمیر نے عوام کی فلاح کے لیے منصوبوں کا اعلان کیا اور کہا کہ حکومت تعلیم اور صحت پر توجہ دے رہی ہے آزاد کشمیر کے وزیراعظم چوہدری عبدالمجید نے کہا ہے کہ مسئلہ کشمیر کے حل کے لیے پاکستان کی حمایت جاری رہے گی اور عوام کے حقوق کا تحفظ کیا جائے گا مظفرآباد میں اجلاس منعقد ہوا جس میں ترقیاتی منصوبوں کا جائزہ لیا گیا اور اعلان کیا گیا کہ 2016ء میں مزید سکیمیں شروع کی جائیں گی راولاکوٹ اور باغ کے عوام نے سڑکوں کی تعمیر کا مطالبہ کیا ہے جبکہ انتظامیہ نے یقین دہانی کرائی کہ کام جلد مکمل کیا جائے گا 2008ء میں انٹر میں نائن سی پیجی کے تحت وزیراعظم آزاد کشمیر نے عوام کی فلاح کے لیے منصوبوں کا اعلان کیا اور کہا کہ حکومت تعلیم اور صحت پر توجہ دے رہی ہے آزاد کشمیر کے وزیراعظم چوہدری عبدالمجید نے کہا ہے کہ مسئلہ کشمیر کے حل کے لیے پاکستان کی حمایت جاری رہے گی اور عوام کے حقوق کا تحفظ کیا جائے گا مظفرآباد میں اجلاس منعقد ہوا جس میں ترقیاتی منصوبوں کا جائزہ لیا گیا اور اعلان کیا گیا کہ 2016ء میں مزید سکیمیں شروع کی جائیں گی راولاکوٹ اور باغ کے عوام نے سڑکوں کی تعمیر کا مطالبہ کیا ہے جبکہ انتظامیہ نے یقین دہانی کرائی کہ کام جلد مکمل کیا جائے گا 2008ء میں انٹر میں نائن سی پیجی کے تحت وزیراعظم آزاد کشمیر نے عوام کی فلاح کے لیے منصوبوں کا اعلان کیا اور کہا کہ حکومت تعلیم اور صحت پر توجہ دے رہی ہے آزاد کشمیر کے وزیراعظم چوہدری عبدالمجید نے کہا ہے کہ مسئلہ کشمیر کے حل کے لیے پاکستان کی حمایت جاری رہے گی اور عوام کے حقوق کا تحفظ کیا جائے گا مظفرآباد میں اجلاس منعقد ہوا جس میں ترقیاتی منصوبوں کا جائزہ لیا گیا اور اعلان کیا گیا کہ 2016ء میں مزید سکیمیں شروع کی جائیں گی راولاکوٹ اور باغ کے عوام نے سڑکوں کی تعمیر کا مطالبہ کیا ہے جبکہ انتظامیہ نے یقین دہانی کرائی کہ کام جلد مکمل کیا جائے گا 2008ء میں انٹر میں نائن سی پیجی کے تحت وزیراعظم آزاد کشمیر نے عوام کی فلاح کے لیے منصوبوں کا اعلان کیا اور کہا کہ حکومت تعلیم اور صحت پر توجہ دے رہی ہے آزاد کشمیر کے وزیراعظم چوہدری عبدالمجید نے کہا ہے کہ مسئلہ کشمیر کے حل کے لیے پاکستان کی حمایت جاری رہے گی اور عوام کے حقوق کا تحفظ کیا جائے گا مظفرآباد میں اجلاس منعقد ہوا جس میں ترقیاتی منصوبوں کا جائزہ لیا گیا اور اعلان کیا گیا کہ 2016ء میں مزید سکیمیں شروع کی جائیں گی راولاکوٹ اور باغ کے عوام نے سڑکوں کی تعمیر کا مطالبہ کیا ہے جبکہ انتظامیہ نے یقین دہانی کرائی کہ کام جلد مکمل کیا جائ
